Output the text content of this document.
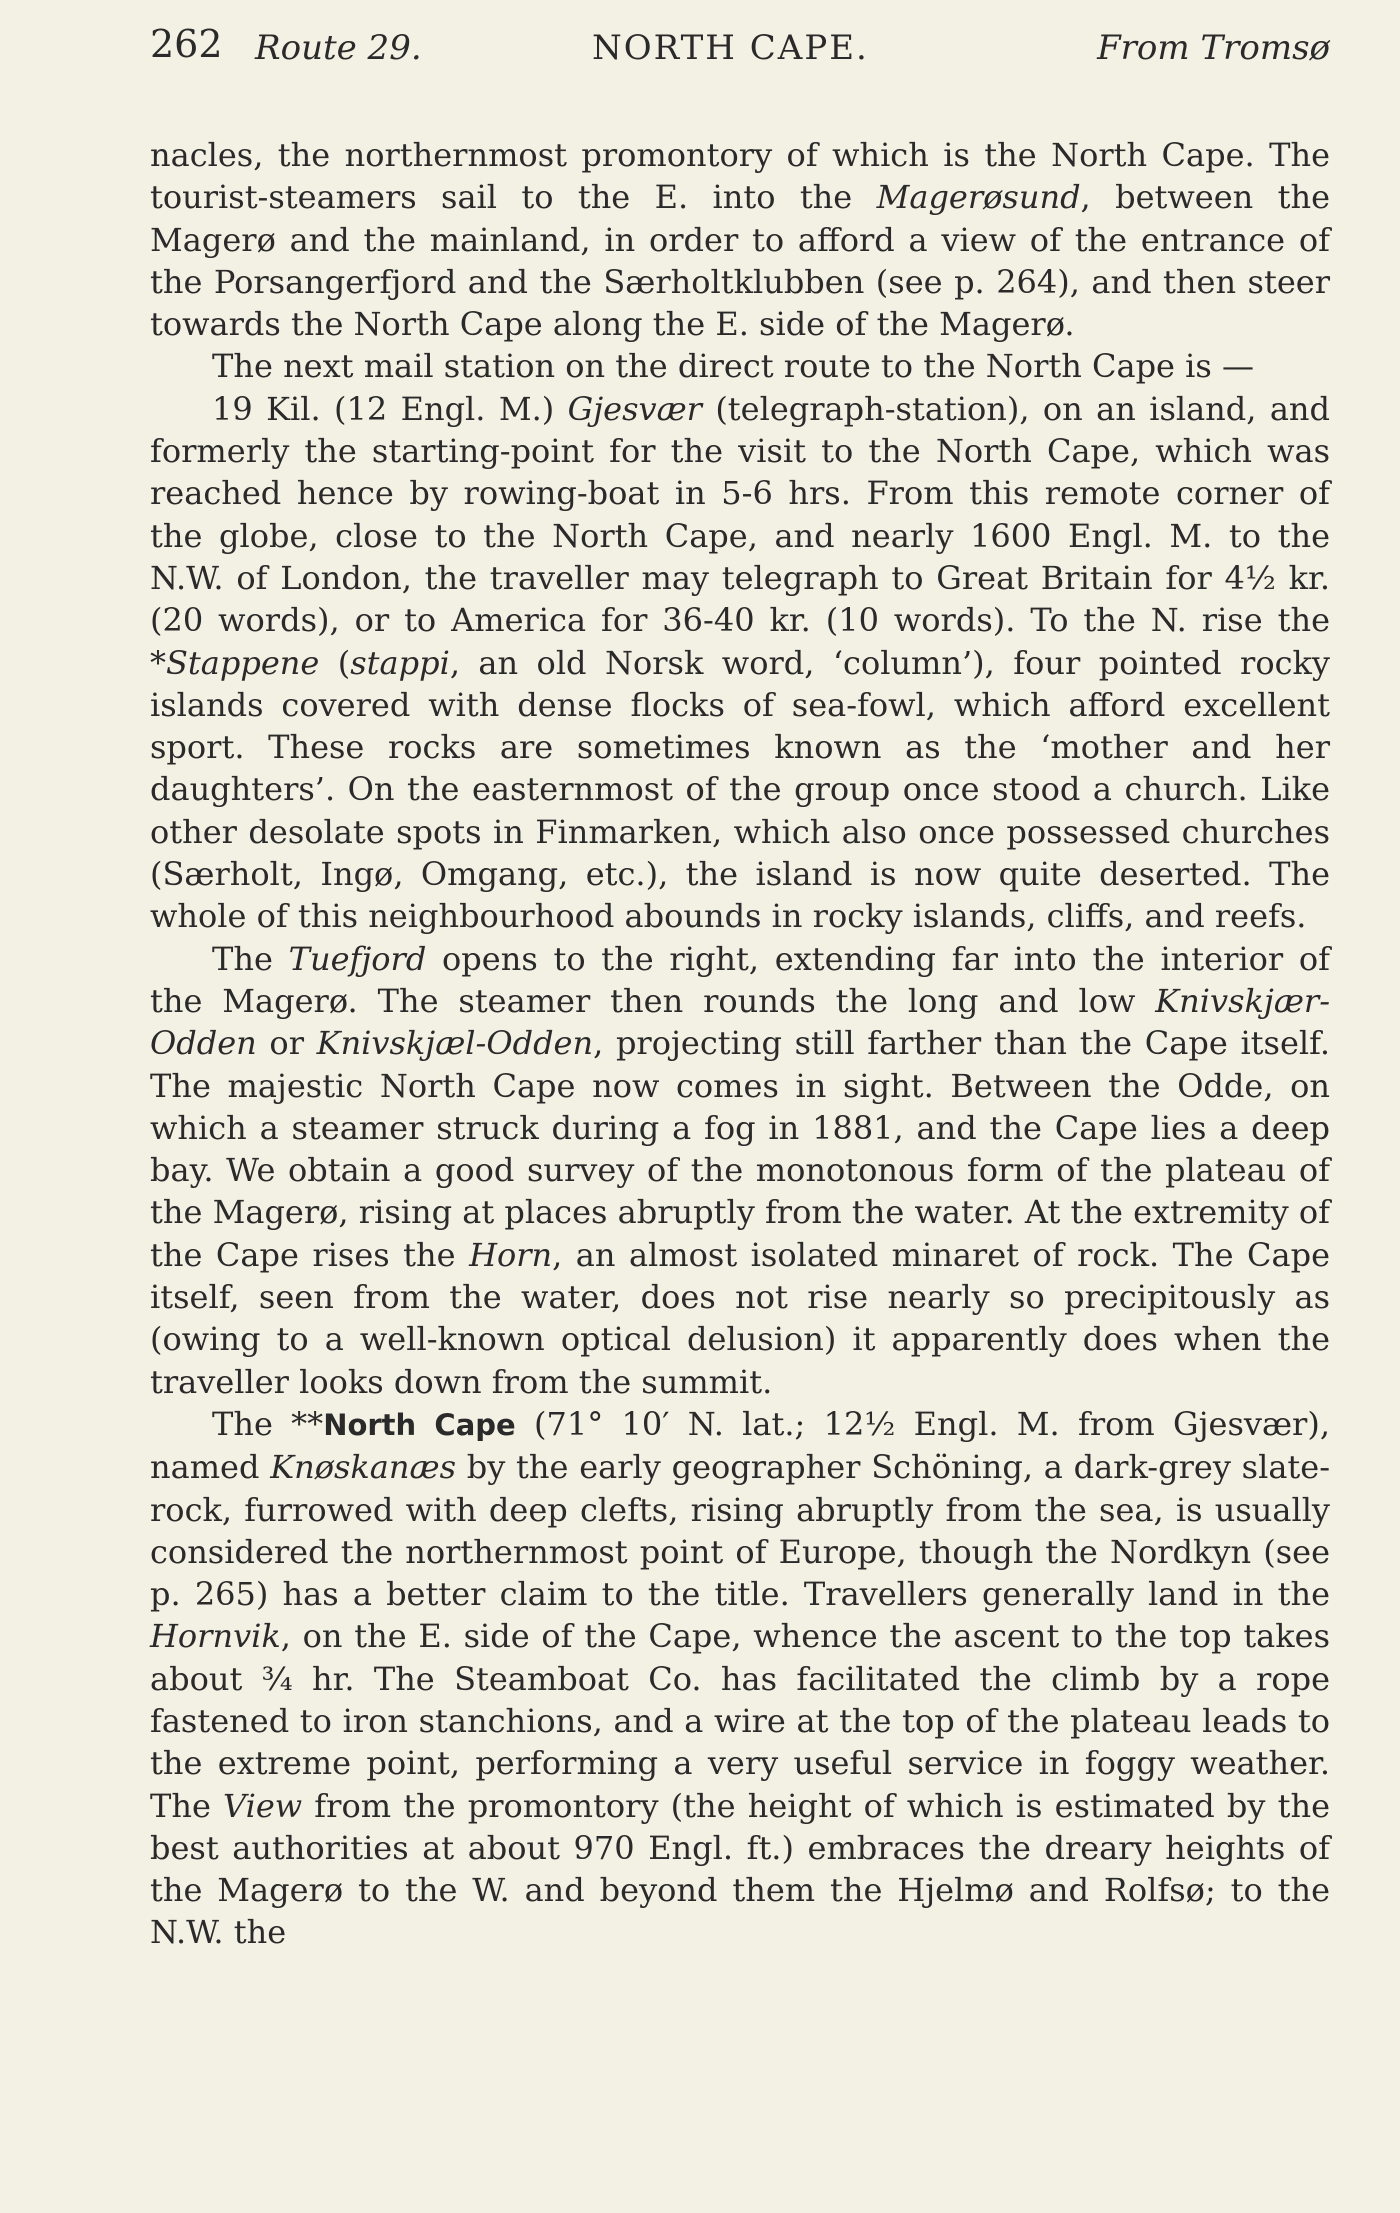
262 Route 29.	NORTH CAPE.	From Tromsø

nacles, the northernmost promontory of which is the North Cape. The tourist-steamers sail to the E. into the Magerøsund, between the Magerø and the mainland, in order to afford a view of the entrance of the Porsangerfjord and the Særholtklubben (see p. 264), and then steer towards the North Cape along the E. side of the Magerø.

The next mail station on the direct route to the North Cape is —

19 Kil. (12 Engl. M.) Gjesvær (telegraph-station), on an island, and formerly the starting-point for the visit to the North Cape, which was reached hence by rowing-boat in 5-6 hrs. From this remote corner of the globe, close to the North Cape, and nearly 1600 Engl. M. to the N.W. of London, the traveller may telegraph to Great Britain for 4½ kr. (20 words), or to America for 36-40 kr. (10 words). To the N. rise the *Stappene (stappi, an old Norsk word, ‘column’), four pointed rocky islands covered with dense flocks of sea-fowl, which afford excellent sport. These rocks are sometimes known as the ‘mother and her daughters’. On the easternmost of the group once stood a church. Like other desolate spots in Finmarken, which also once possessed churches (Særholt, Ingø, Omgang, etc.), the island is now quite deserted. The whole of this neighbourhood abounds in rocky islands, cliffs, and reefs.

The Tuefjord opens to the right, extending far into the interior of the Magerø. The steamer then rounds the long and low Knivskjær-Odden or Knivskjæl-Odden, projecting still farther than the Cape itself. The majestic North Cape now comes in sight. Between the Odde, on which a steamer struck during a fog in 1881, and the Cape lies a deep bay. We obtain a good survey of the monotonous form of the plateau of the Magerø, rising at places abruptly from the water. At the extremity of the Cape rises the Horn, an almost isolated minaret of rock. The Cape itself, seen from the water, does not rise nearly so precipitously as (owing to a well-known optical delusion) it apparently does when the traveller looks down from the summit.

The **North Cape (71° 10′ N. lat.; 12½ Engl. M. from Gjesvær), named Knøskanæs by the early geographer Schöning, a dark-grey slate-rock, furrowed with deep clefts, rising abruptly from the sea, is usually considered the northernmost point of Europe, though the Nordkyn (see p. 265) has a better claim to the title. Travellers generally land in the Hornvik, on the E. side of the Cape, whence the ascent to the top takes about ¾ hr. The Steamboat Co. has facilitated the climb by a rope fastened to iron stanchions, and a wire at the top of the plateau leads to the extreme point, performing a very useful service in foggy weather. The View from the promontory (the height of which is estimated by the best authorities at about 970 Engl. ft.) embraces the dreary heights of the Magerø to the W. and beyond them the Hjelmø and Rolfsø; to the N.W. the
